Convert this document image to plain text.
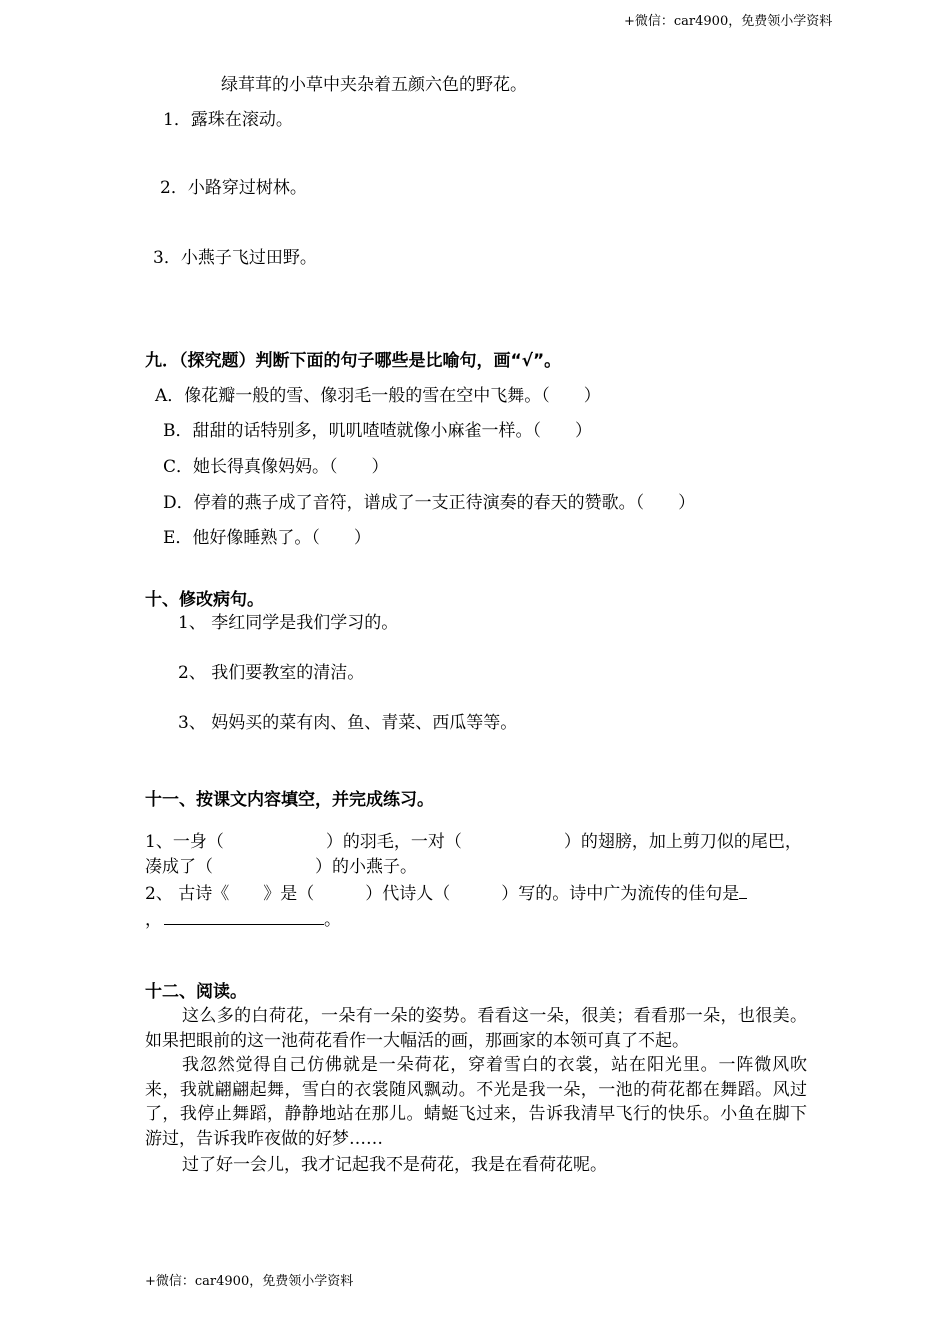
+微信：car4900，免费领小学资料
绿茸茸的小草中夹杂着五颜六色的野花。
1．露珠在滚动。
2．小路穿过树林。
3．小燕子飞过田野。
九．（探究题）判断下面的句子哪些是比喻句，画“√”。
A．像花瓣一般的雪、像羽毛一般的雪在空中飞舞。（　　）
B．甜甜的话特别多，叽叽喳喳就像小麻雀一样。（　　）
C．她长得真像妈妈。（　　）
D．停着的燕子成了音符，谱成了一支正待演奏的春天的赞歌。（　　）
E．他好像睡熟了。（　　）
十、修改病句。
1、 李红同学是我们学习的。
2、 我们要教室的清洁。
3、 妈妈买的菜有肉、鱼、青菜、西瓜等等。
十一、按课文内容填空，并完成练习。
1、一身（　　　　　　）的羽毛，一对（　　　　　　）的翅膀，加上剪刀似的尾巴，
凑成了（　　　　　　）的小燕子。
2、 古诗《　　》是（　　　）代诗人（　　　）写的。诗中广为流传的佳句是
，	。
十二、阅读。
这么多的白荷花，一朵有一朵的姿势。看看这一朵，很美；看看那一朵，也很美。如果把眼前的这一池荷花看作一大幅活的画，那画家的本领可真了不起。
我忽然觉得自己仿佛就是一朵荷花，穿着雪白的衣裳，站在阳光里。一阵微风吹来，我就翩翩起舞，雪白的衣裳随风飘动。不光是我一朵，一池的荷花都在舞蹈。风过了，我停止舞蹈，静静地站在那儿。蜻蜓飞过来，告诉我清早飞行的快乐。小鱼在脚下游过，告诉我昨夜做的好梦……
过了好一会儿，我才记起我不是荷花，我是在看荷花呢。
+微信：car4900，免费领小学资料
